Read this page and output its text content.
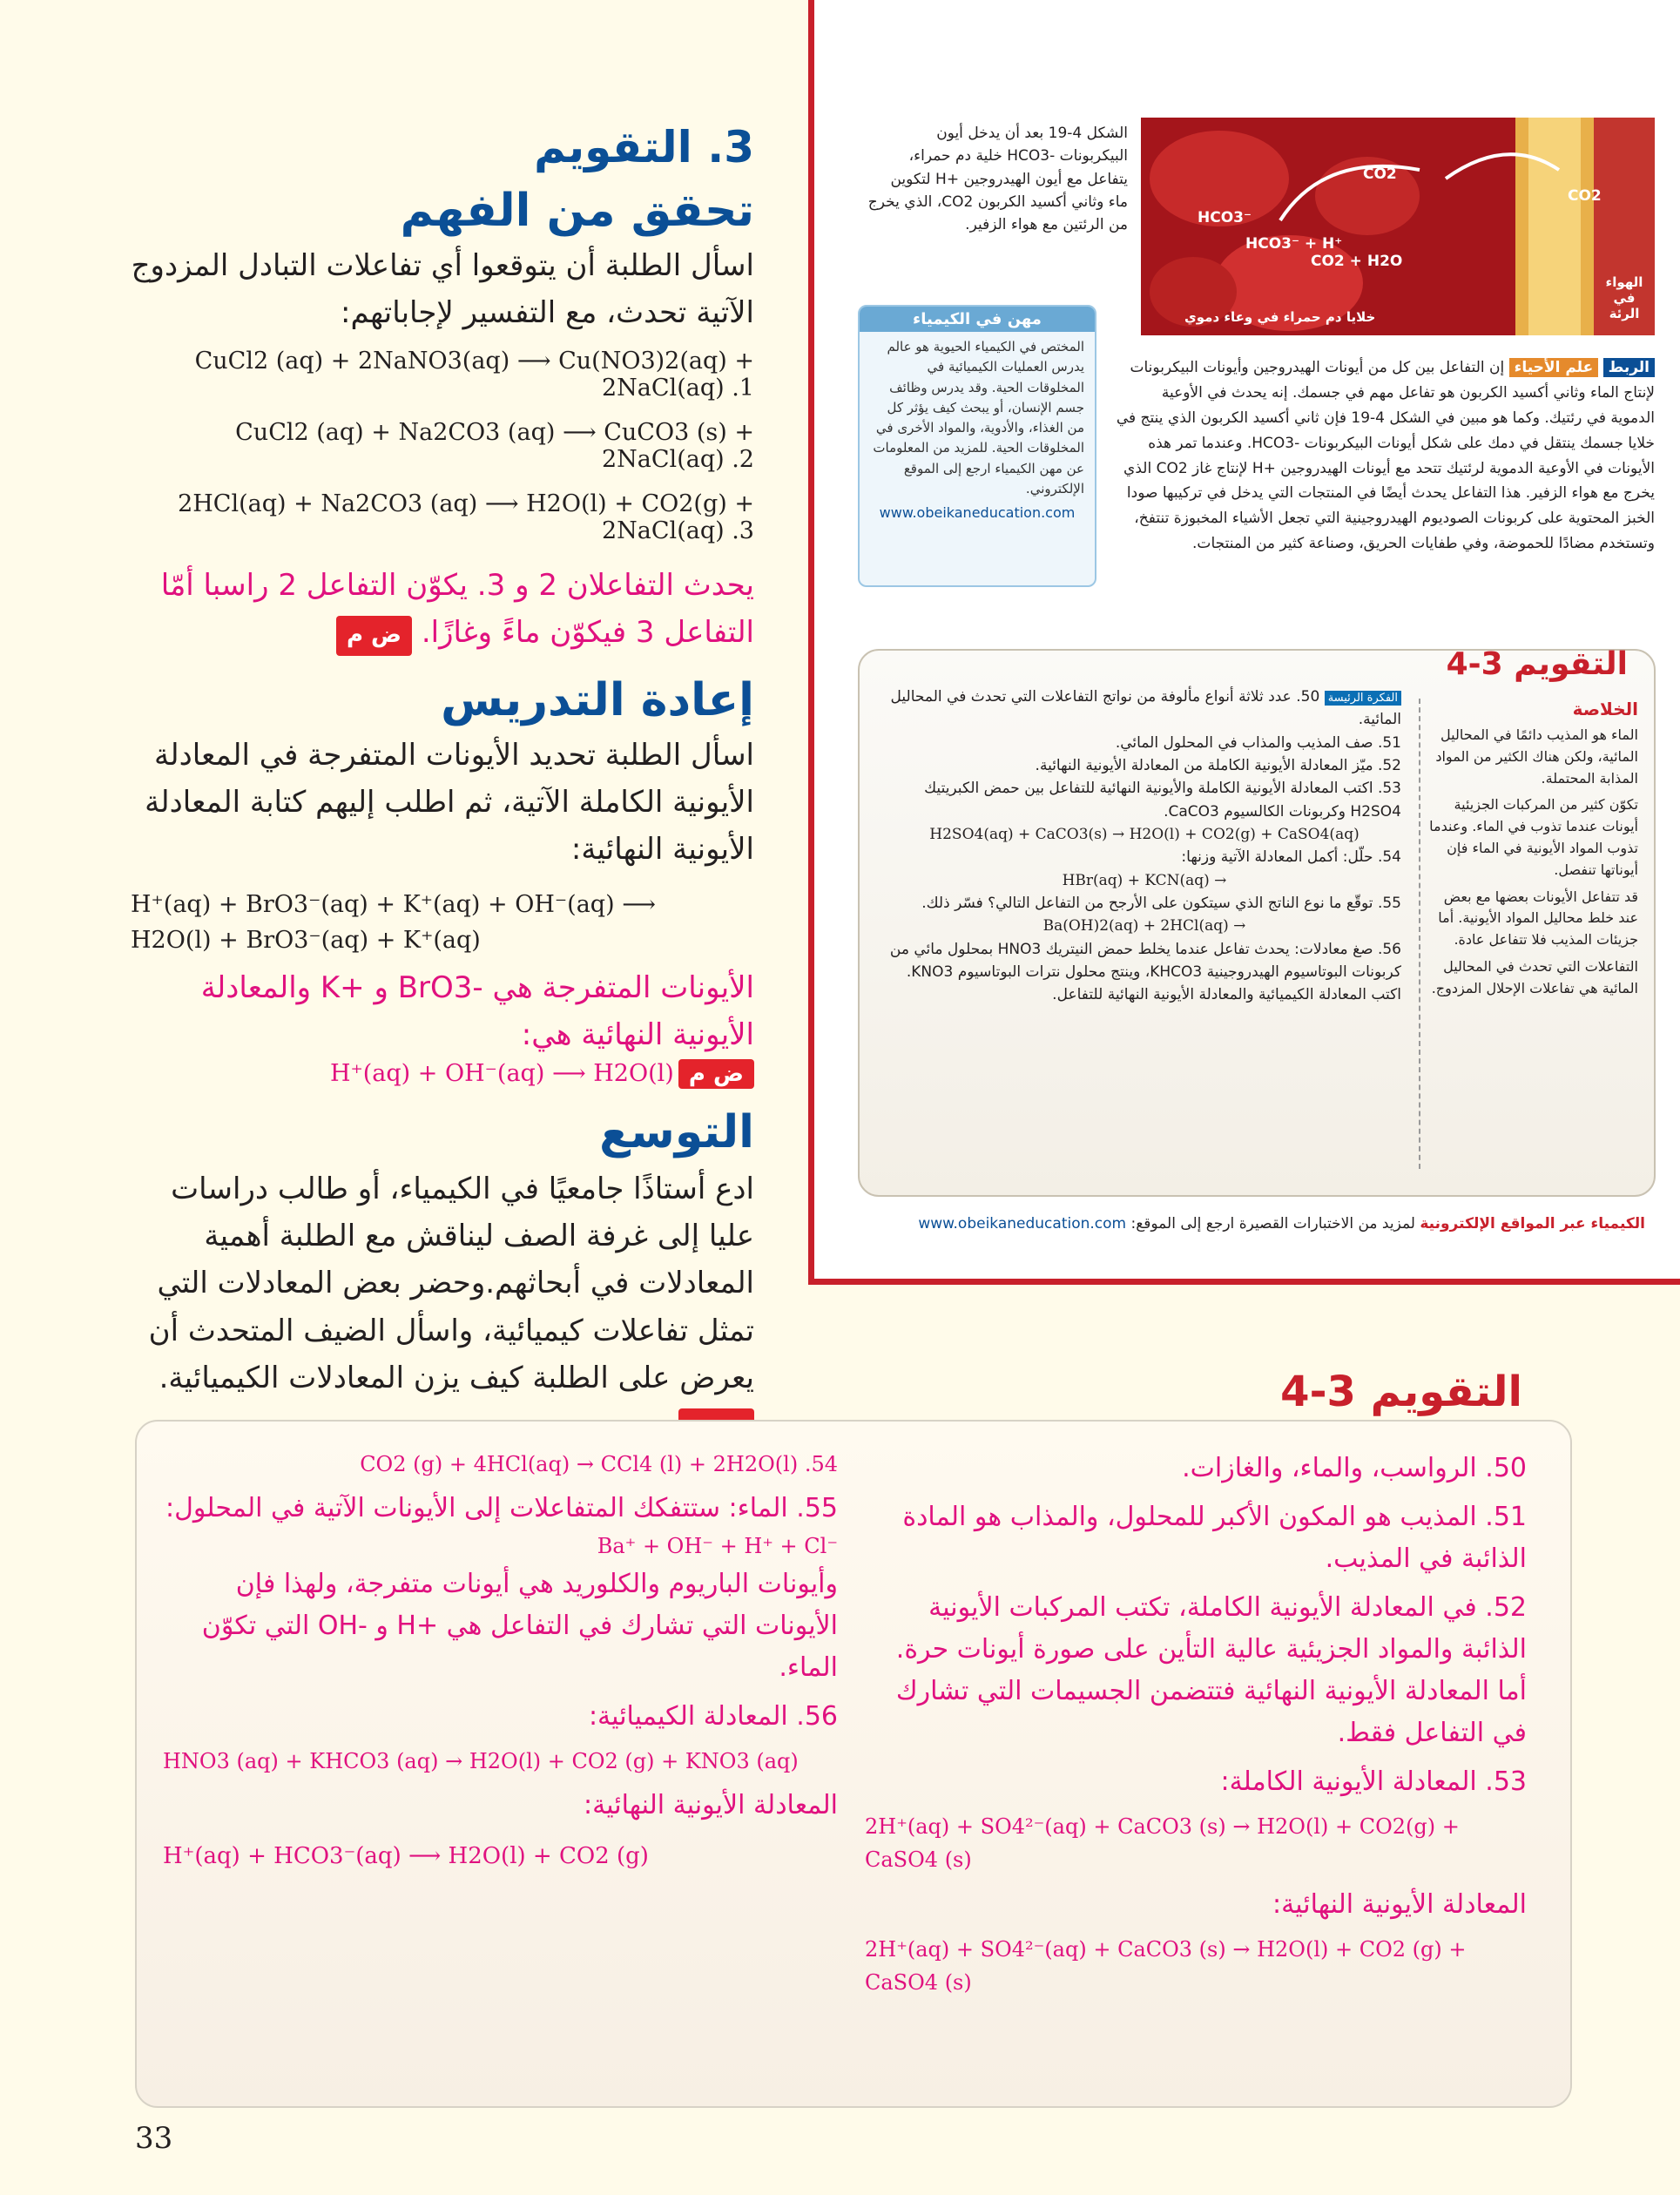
3. التقويم
تحقق من الفهم
اسأل الطلبة أن يتوقعوا أي تفاعلات التبادل المزدوج الآتية تحدث، مع التفسير لإجاباتهم:
CuCl2 (aq) + 2NaNO3(aq) ⟶ Cu(NO3)2(aq) + 2NaCl(aq) .1
CuCl2 (aq) + Na2CO3 (aq) ⟶ CuCO3 (s) + 2NaCl(aq) .2
2HCl(aq) + Na2CO3 (aq) ⟶ H2O(l) + CO2(g) + 2NaCl(aq) .3
يحدث التفاعلان 2 و 3. يكوّن التفاعل 2 راسبا أمّا التفاعل 3 فيكوّن ماءً وغازًا. ض م
إعادة التدريس
اسأل الطلبة تحديد الأيونات المتفرجة في المعادلة الأيونية الكاملة الآتية، ثم اطلب إليهم كتابة المعادلة الأيونية النهائية:
H⁺(aq) + BrO3⁻(aq) + K⁺(aq) + OH⁻(aq) ⟶
H2O(l) + BrO3⁻(aq) + K⁺(aq)
الأيونات المتفرجة هي -BrO3 و +K والمعادلة الأيونية النهائية هي:
ض م H⁺(aq) + OH⁻(aq) ⟶ H2O(l)
التوسع
ادع أستاذًا جامعيًا في الكيمياء، أو طالب دراسات عليا إلى غرفة الصف ليناقش مع الطلبة أهمية المعادلات في أبحاثهم.وحضر بعض المعادلات التي تمثل تفاعلات كيميائية، واسأل الضيف المتحدث أن يعرض على الطلبة كيف يزن المعادلات الكيميائية.
CO2
CO2
HCO3⁻
HCO3⁻ + H⁺
CO2 + H2O
خلايا دم حمراء في وعاء دموي
الهواء في الرئة
الشكل 4-19 بعد أن يدخل أيون البيكربونات -HCO3 خلية دم حمراء، يتفاعل مع أيون الهيدروجين +H لتكوين ماء وثاني أكسيد الكربون CO2، الذي يخرج من الرئتين مع هواء الزفير.
مهن في الكيمياء
المختص في الكيمياء الحيوية هو عالم يدرس العمليات الكيميائية في المخلوقات الحية. وقد يدرس وظائف جسم الإنسان، أو يبحث كيف يؤثر كل من الغذاء، والأدوية، والمواد الأخرى في المخلوقات الحية. للمزيد من المعلومات عن مهن الكيمياء ارجع إلى الموقع الإلكتروني.
www.obeikaneducation.com
الربط علم الأحياء إن التفاعل بين كل من أيونات الهيدروجين وأيونات البيكربونات لإنتاج الماء وثاني أكسيد الكربون هو تفاعل مهم في جسمك. إنه يحدث في الأوعية الدموية في رئتيك. وكما هو مبين في الشكل 4-19 فإن ثاني أكسيد الكربون الذي ينتج في خلايا جسمك ينتقل في دمك على شكل أيونات البيكربونات -HCO3. وعندما تمر هذه الأيونات في الأوعية الدموية لرئتيك تتحد مع أيونات الهيدروجين +H لإنتاج غاز CO2 الذي يخرج مع هواء الزفير. هذا التفاعل يحدث أيضًا في المنتجات التي يدخل في تركيبها صودا الخبز المحتوية على كربونات الصوديوم الهيدروجينية التي تجعل الأشياء المخبوزة تنتفخ، وتستخدم مضادًا للحموضة، وفي طفايات الحريق، وصناعة كثير من المنتجات.
التقويم 3-4
الخلاصة
الماء هو المذيب دائمًا في المحاليل المائية، ولكن هناك الكثير من المواد المذابة المحتملة.
تكوّن كثير من المركبات الجزيئية أيونات عندما تذوب في الماء. وعندما تذوب المواد الأيونية في الماء فإن أيوناتها تنفصل.
قد تتفاعل الأيونات بعضها مع بعض عند خلط محاليل المواد الأيونية. أما جزيئات المذيب فلا تتفاعل عادة.
التفاعلات التي تحدث في المحاليل المائية هي تفاعلات الإحلال المزدوج.
الفكرة الرئيسة 50. عدد ثلاثة أنواع مألوفة من نواتج التفاعلات التي تحدث في المحاليل المائية.
51. صف المذيب والمذاب في المحلول المائي.
52. ميّز المعادلة الأيونية الكاملة من المعادلة الأيونية النهائية.
53. اكتب المعادلة الأيونية الكاملة والأيونية النهائية للتفاعل بين حمض الكبريتيك H2SO4 وكربونات الكالسيوم CaCO3.
H2SO4(aq) + CaCO3(s) → H2O(l) + CO2(g) + CaSO4(aq)
54. حلّل: أكمل المعادلة الآتية وزنها:
HBr(aq) + KCN(aq) →
55. توقّع ما نوع الناتج الذي سيتكون على الأرجح من التفاعل التالي؟ فسّر ذلك.
Ba(OH)2(aq) + 2HCl(aq) →
56. صغ معادلات: يحدث تفاعل عندما يخلط حمض النيتريك HNO3 بمحلول مائي من كربونات البوتاسيوم الهيدروجينية KHCO3، وينتج محلول نترات البوتاسيوم KNO3. اكتب المعادلة الكيميائية والمعادلة الأيونية النهائية للتفاعل.
الكيمياء عبر المواقع الإلكترونية لمزيد من الاختبارات القصيرة ارجع إلى الموقع: www.obeikaneducation.com
التقويم 3-4
50. الرواسب، والماء، والغازات.
51. المذيب هو المكون الأكبر للمحلول، والمذاب هو المادة الذائبة في المذيب.
52. في المعادلة الأيونية الكاملة، تكتب المركبات الأيونية الذائبة والمواد الجزيئية عالية التأين على صورة أيونات حرة. أما المعادلة الأيونية النهائية فتتضمن الجسيمات التي تشارك في التفاعل فقط.
53. المعادلة الأيونية الكاملة:
2H⁺(aq) + SO4²⁻(aq) + CaCO3 (s) → H2O(l) + CO2(g) + CaSO4 (s)
المعادلة الأيونية النهائية:
2H⁺(aq) + SO4²⁻(aq) + CaCO3 (s) → H2O(l) + CO2 (g) + CaSO4 (s)
CO2 (g) + 4HCl(aq) → CCl4 (l) + 2H2O(l) .54
55. الماء: ستتفكك المتفاعلات إلى الأيونات الآتية في المحلول:
Ba⁺ + OH⁻ + H⁺ + Cl⁻
وأيونات الباريوم والكلوريد هي أيونات متفرجة، ولهذا فإن الأيونات التي تشارك في التفاعل هي +H و -OH التي تكوّن الماء.
56. المعادلة الكيميائية:
HNO3 (aq) + KHCO3 (aq) → H2O(l) + CO2 (g) + KNO3 (aq)
المعادلة الأيونية النهائية:
H⁺(aq) + HCO3⁻(aq) ⟶ H2O(l) + CO2 (g)
33
